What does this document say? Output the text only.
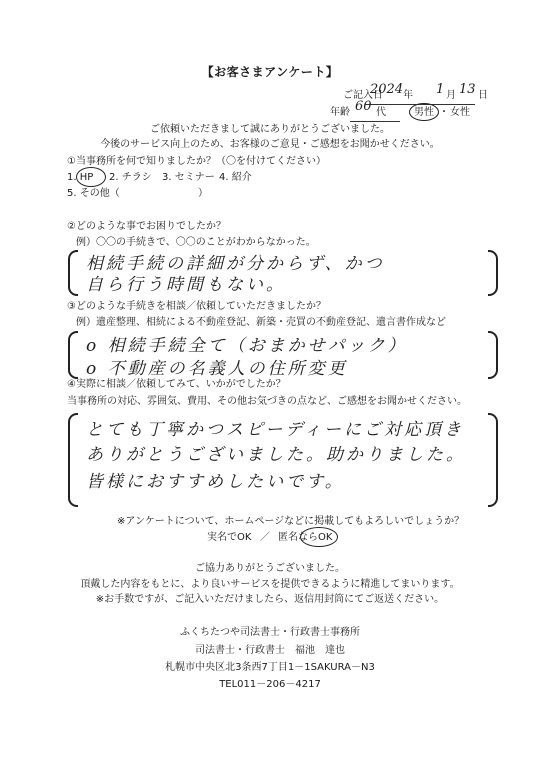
【お客さまアンケート】
ご記入日
2024 年 1 月 13 日
年齢 60 代	男性 ・ 女性
ご依頼いただきまして誠にありがとうございました。
今後のサービス向上のため、お客様のご意見・ご感想をお聞かせください。
①当事務所を何で知りましたか？（〇を付けてください）
1. HP 2. チラシ 3. セミナー 4. 紹介
5. その他（	）
②どのような事でお困りでしたか？
例）〇〇の手続きで、〇〇のことがわからなかった。
相続手続の詳細が分からず、かつ
自ら行う時間もない。
③どのような手続きを相談／依頼していただきましたか？
例）遺産整理、相続による不動産登記、新築・売買の不動産登記、遺言書作成など
o 相続手続全て（おまかせパック）
o 不動産の名義人の住所変更
④実際に相談／依頼してみて、いかがでしたか？
当事務所の対応、雰囲気、費用、その他お気づきの点など、ご感想をお聞かせください。
とても丁寧かつスピーディーにご対応頂き
ありがとうございました。助かりました。
皆様におすすめしたいです。
※アンケートについて、ホームページなどに掲載してもよろしいでしょうか？
実名でOK ／ 匿名ならOK
ご協力ありがとうございました。
頂戴した内容をもとに、より良いサービスを提供できるように精進してまいります。
※お手数ですが、ご記入いただけましたら、返信用封筒にてご返送ください。
ふくちたつや司法書士・行政書士事務所
司法書士・行政書士　福池　達也
札幌市中央区北3条西7丁目1－1SAKURA－N3
TEL011－206－4217
